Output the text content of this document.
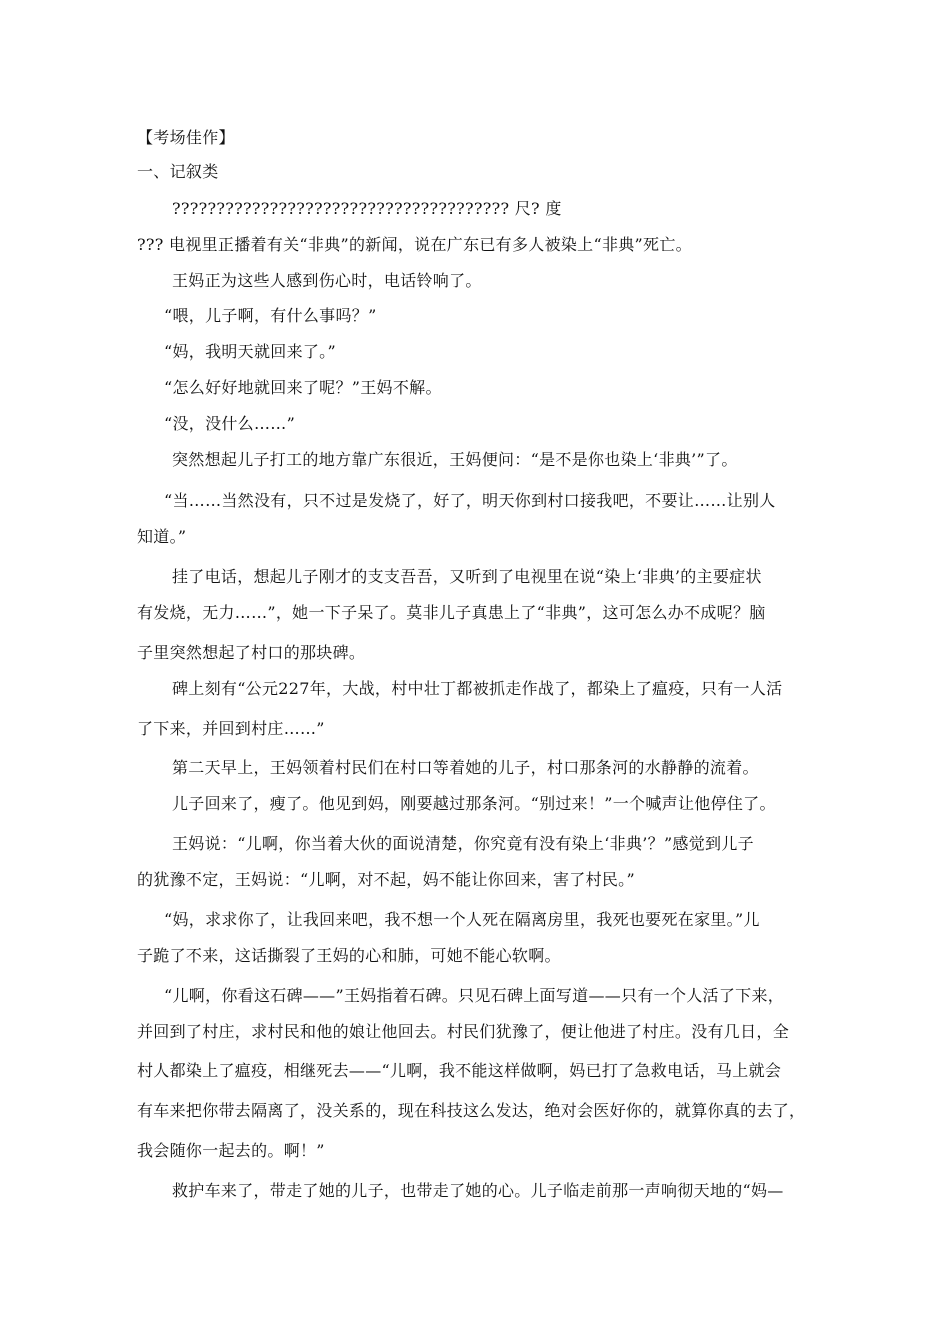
【考场佳作】
一、记叙类
?????????????????????????????????????? 尺? 度
??? 电视里正播着有关“非典”的新闻，说在广东已有多人被染上“非典”死亡。
王妈正为这些人感到伤心时，电话铃响了。
“喂，儿子啊，有什么事吗？”
“妈，我明天就回来了。”
“怎么好好地就回来了呢？”王妈不解。
“没，没什么……”
突然想起儿子打工的地方靠广东很近，王妈便问：“是不是你也染上‘非典’”了。
“当……当然没有，只不过是发烧了，好了，明天你到村口接我吧，不要让……让别人
知道。”
挂了电话，想起儿子刚才的支支吾吾，又听到了电视里在说“染上‘非典’的主要症状
有发烧，无力……”，她一下子呆了。莫非儿子真患上了“非典”，这可怎么办不成呢？脑
子里突然想起了村口的那块碑。
碑上刻有“公元227年，大战，村中壮丁都被抓走作战了，都染上了瘟疫，只有一人活
了下来，并回到村庄……”
第二天早上，王妈领着村民们在村口等着她的儿子，村口那条河的水静静的流着。
儿子回来了，瘦了。他见到妈，刚要越过那条河。“别过来！”一个喊声让他停住了。
王妈说：“儿啊，你当着大伙的面说清楚，你究竟有没有染上‘非典’？”感觉到儿子
的犹豫不定，王妈说：“儿啊，对不起，妈不能让你回来，害了村民。”
“妈，求求你了，让我回来吧，我不想一个人死在隔离房里，我死也要死在家里。”儿
子跪了不来，这话撕裂了王妈的心和肺，可她不能心软啊。
“儿啊，你看这石碑——”王妈指着石碑。只见石碑上面写道——只有一个人活了下来，
并回到了村庄，求村民和他的娘让他回去。村民们犹豫了，便让他进了村庄。没有几日，全
村人都染上了瘟疫，相继死去——“儿啊，我不能这样做啊，妈已打了急救电话，马上就会
有车来把你带去隔离了，没关系的，现在科技这么发达，绝对会医好你的，就算你真的去了，
我会随你一起去的。啊！”
救护车来了，带走了她的儿子，也带走了她的心。儿子临走前那一声响彻天地的“妈—
